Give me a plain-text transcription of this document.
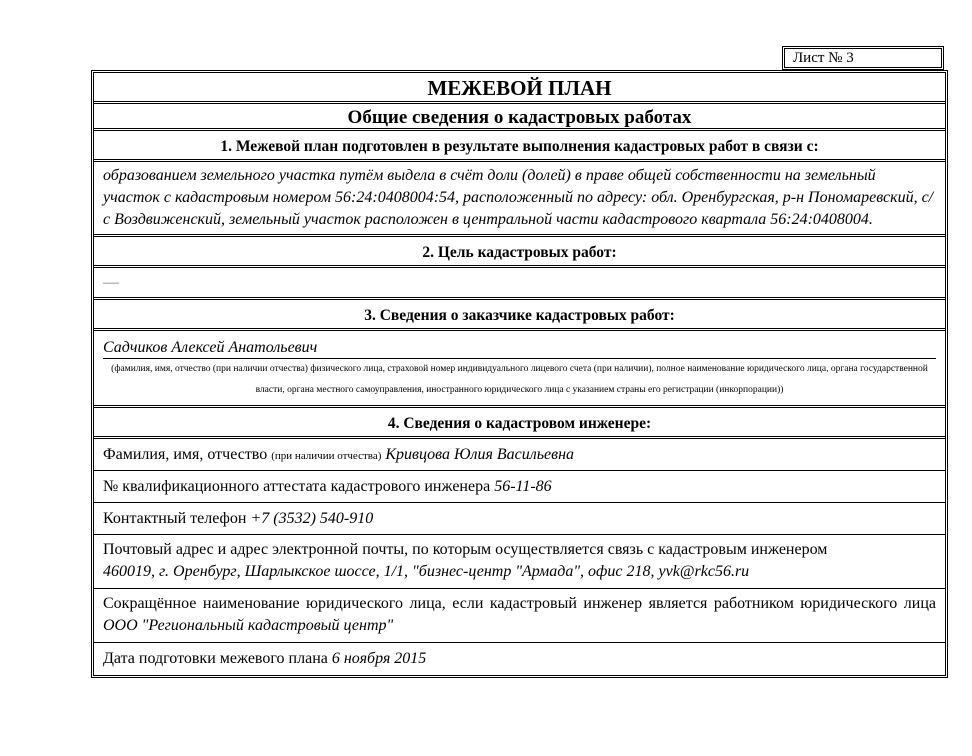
Лист № 3
МЕЖЕВОЙ ПЛАН
Общие сведения о кадастровых работах
1. Межевой план подготовлен в результате выполнения кадастровых работ в связи с:
образованием земельного участка путём выдела в счёт доли (долей) в праве общей собственности на земельный участок с кадастровым номером 56:24:0408004:54, расположенный по адресу: обл. Оренбургская, р-н Пономаревский, с/с Воздвиженский, земельный участок расположен в центральной части кадастрового квартала 56:24:0408004.
2. Цель кадастровых работ:
—
3. Сведения о заказчике кадастровых работ:
Садчиков Алексей Анатольевич
(фамилия, имя, отчество (при наличии отчества) физического лица, страховой номер индивидуального лицевого счета (при наличии), полное наименование юридического лица, органа государственной власти, органа местного самоуправления, иностранного юридического лица с указанием страны его регистрации (инкорпорации))
4. Сведения о кадастровом инженере:
Фамилия, имя, отчество (при наличии отчества) Кривцова Юлия Васильевна
№ квалификационного аттестата кадастрового инженера 56-11-86
Контактный телефон +7 (3532) 540-910
Почтовый адрес и адрес электронной почты, по которым осуществляется связь с кадастровым инженером
460019, г. Оренбург, Шарлыкское шоссе, 1/1, "бизнес-центр "Армада", офис 218, yvk@rkc56.ru
Сокращённое наименование юридического лица, если кадастровый инженер является работником юридического лица ООО "Региональный кадастровый центр"
Дата подготовки межевого плана 6 ноября 2015
